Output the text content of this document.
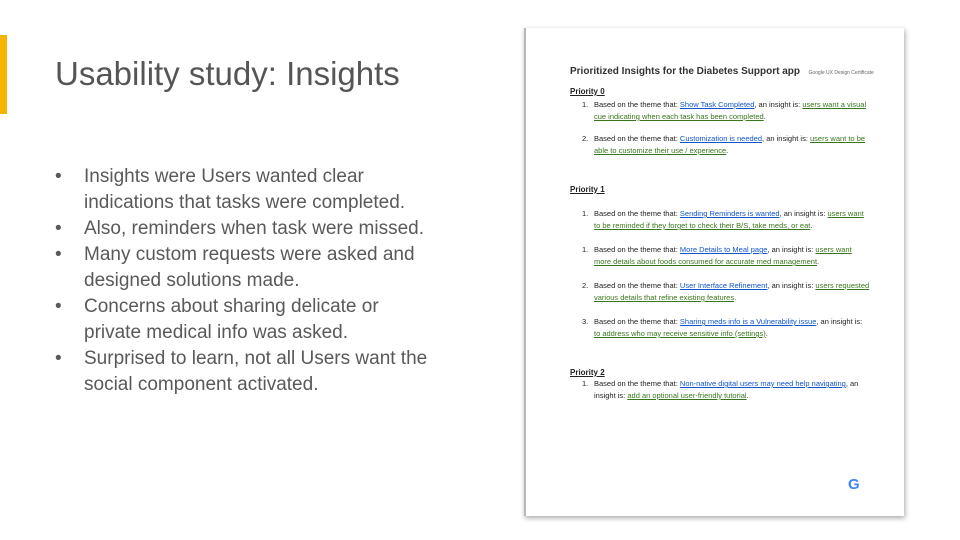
Usability study: Insights
• Insights were Users wanted clear indications that tasks were completed.
• Also, reminders when task were missed.
• Many custom requests were asked and designed solutions made.
• Concerns about sharing delicate or private medical info was asked.
• Surprised to learn, not all Users want the social component activated.
Prioritized Insights for the Diabetes Support app Google UX Design Certificate

Priority 0

1. Based on the theme that: Show Task Completed, an insight is: users want a visual cue indicating when each task has been completed.
2. Based on the theme that: Customization is needed, an insight is: users want to be able to customize their use / experience.

Priority 1

1. Based on the theme that: Sending Reminders is wanted, an insight is: users want to be reminded if they forget to check their B/S, take meds, or eat.
1. Based on the theme that: More Details to Meal page, an insight is: users want more details about foods consumed for accurate med management.
2. Based on the theme that: User Interface Refinement, an insight is: users requested various details that refine existing features.
3. Based on the theme that: Sharing meds info is a Vulnerability issue, an insight is: to address who may receive sensitive info (settings).

Priority 2

1. Based on the theme that: Non-native digital users may need help navigating, an insight is: add an optional user-friendly tutorial.
G
